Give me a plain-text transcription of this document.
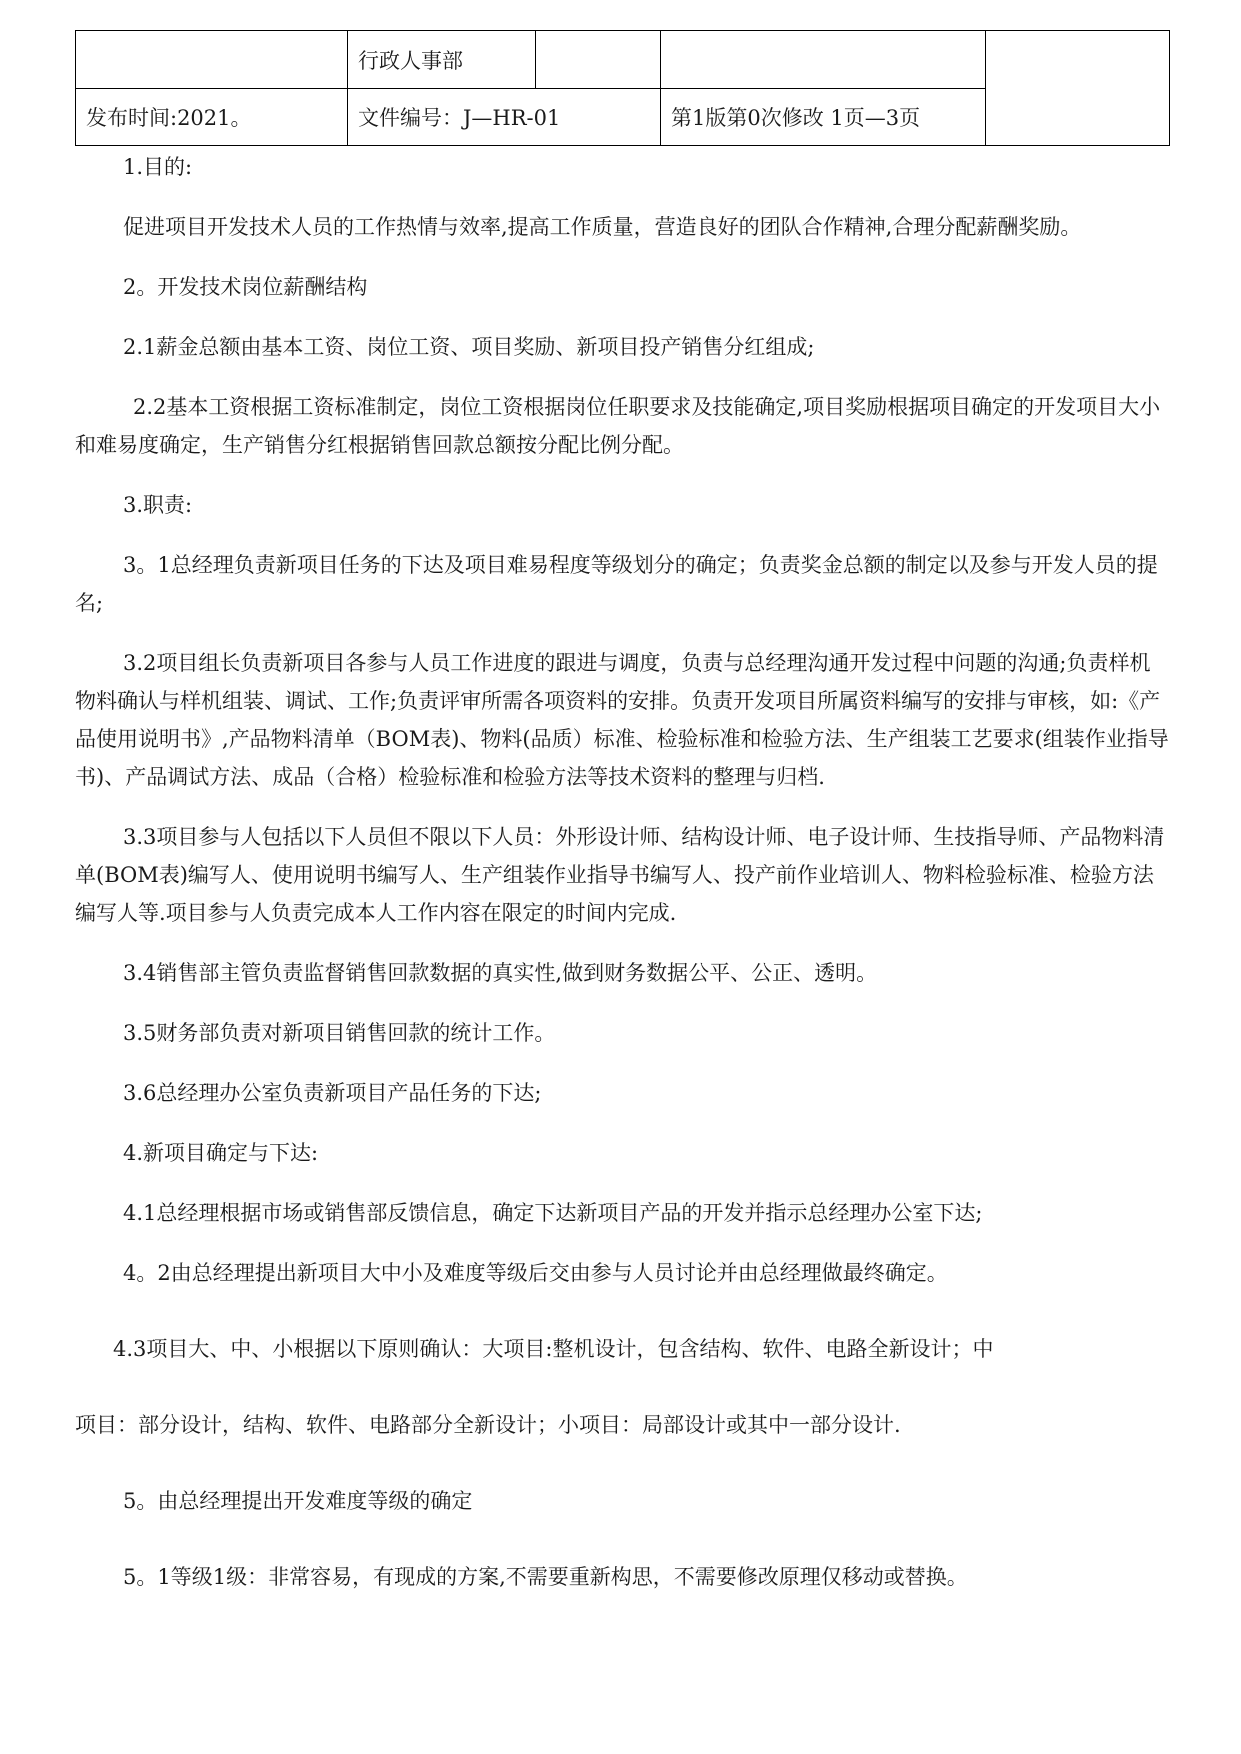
	行政人事部			
发布时间:2021。	文件编号：J—HR-01		第1版第0次修改 1页—3页	

1.目的:

促进项目开发技术人员的工作热情与效率,提高工作质量，营造良好的团队合作精神,合理分配薪酬奖励。

2。开发技术岗位薪酬结构

2.1薪金总额由基本工资、岗位工资、项目奖励、新项目投产销售分红组成;

2.2基本工资根据工资标准制定，岗位工资根据岗位任职要求及技能确定,项目奖励根据项目确定的开发项目大小和难易度确定，生产销售分红根据销售回款总额按分配比例分配。

3.职责:

3。1总经理负责新项目任务的下达及项目难易程度等级划分的确定；负责奖金总额的制定以及参与开发人员的提名;

3.2项目组长负责新项目各参与人员工作进度的跟进与调度，负责与总经理沟通开发过程中问题的沟通;负责样机物料确认与样机组装、调试、工作;负责评审所需各项资料的安排。负责开发项目所属资料编写的安排与审核，如:《产品使用说明书》,产品物料清单（BOM表)、物料(品质）标准、检验标准和检验方法、生产组装工艺要求(组装作业指导书)、产品调试方法、成品（合格）检验标准和检验方法等技术资料的整理与归档.

3.3项目参与人包括以下人员但不限以下人员：外形设计师、结构设计师、电子设计师、生技指导师、产品物料清单(BOM表)编写人、使用说明书编写人、生产组装作业指导书编写人、投产前作业培训人、物料检验标准、检验方法编写人等.项目参与人负责完成本人工作内容在限定的时间内完成.

3.4销售部主管负责监督销售回款数据的真实性,做到财务数据公平、公正、透明。

3.5财务部负责对新项目销售回款的统计工作。

3.6总经理办公室负责新项目产品任务的下达;

4.新项目确定与下达:

4.1总经理根据市场或销售部反馈信息，确定下达新项目产品的开发并指示总经理办公室下达;

4。2由总经理提出新项目大中小及难度等级后交由参与人员讨论并由总经理做最终确定。

4.3项目大、中、小根据以下原则确认：大项目:整机设计，包含结构、软件、电路全新设计；中

项目：部分设计，结构、软件、电路部分全新设计；小项目：局部设计或其中一部分设计.

5。由总经理提出开发难度等级的确定

5。1等级1级：非常容易，有现成的方案,不需要重新构思，不需要修改原理仅移动或替换。
